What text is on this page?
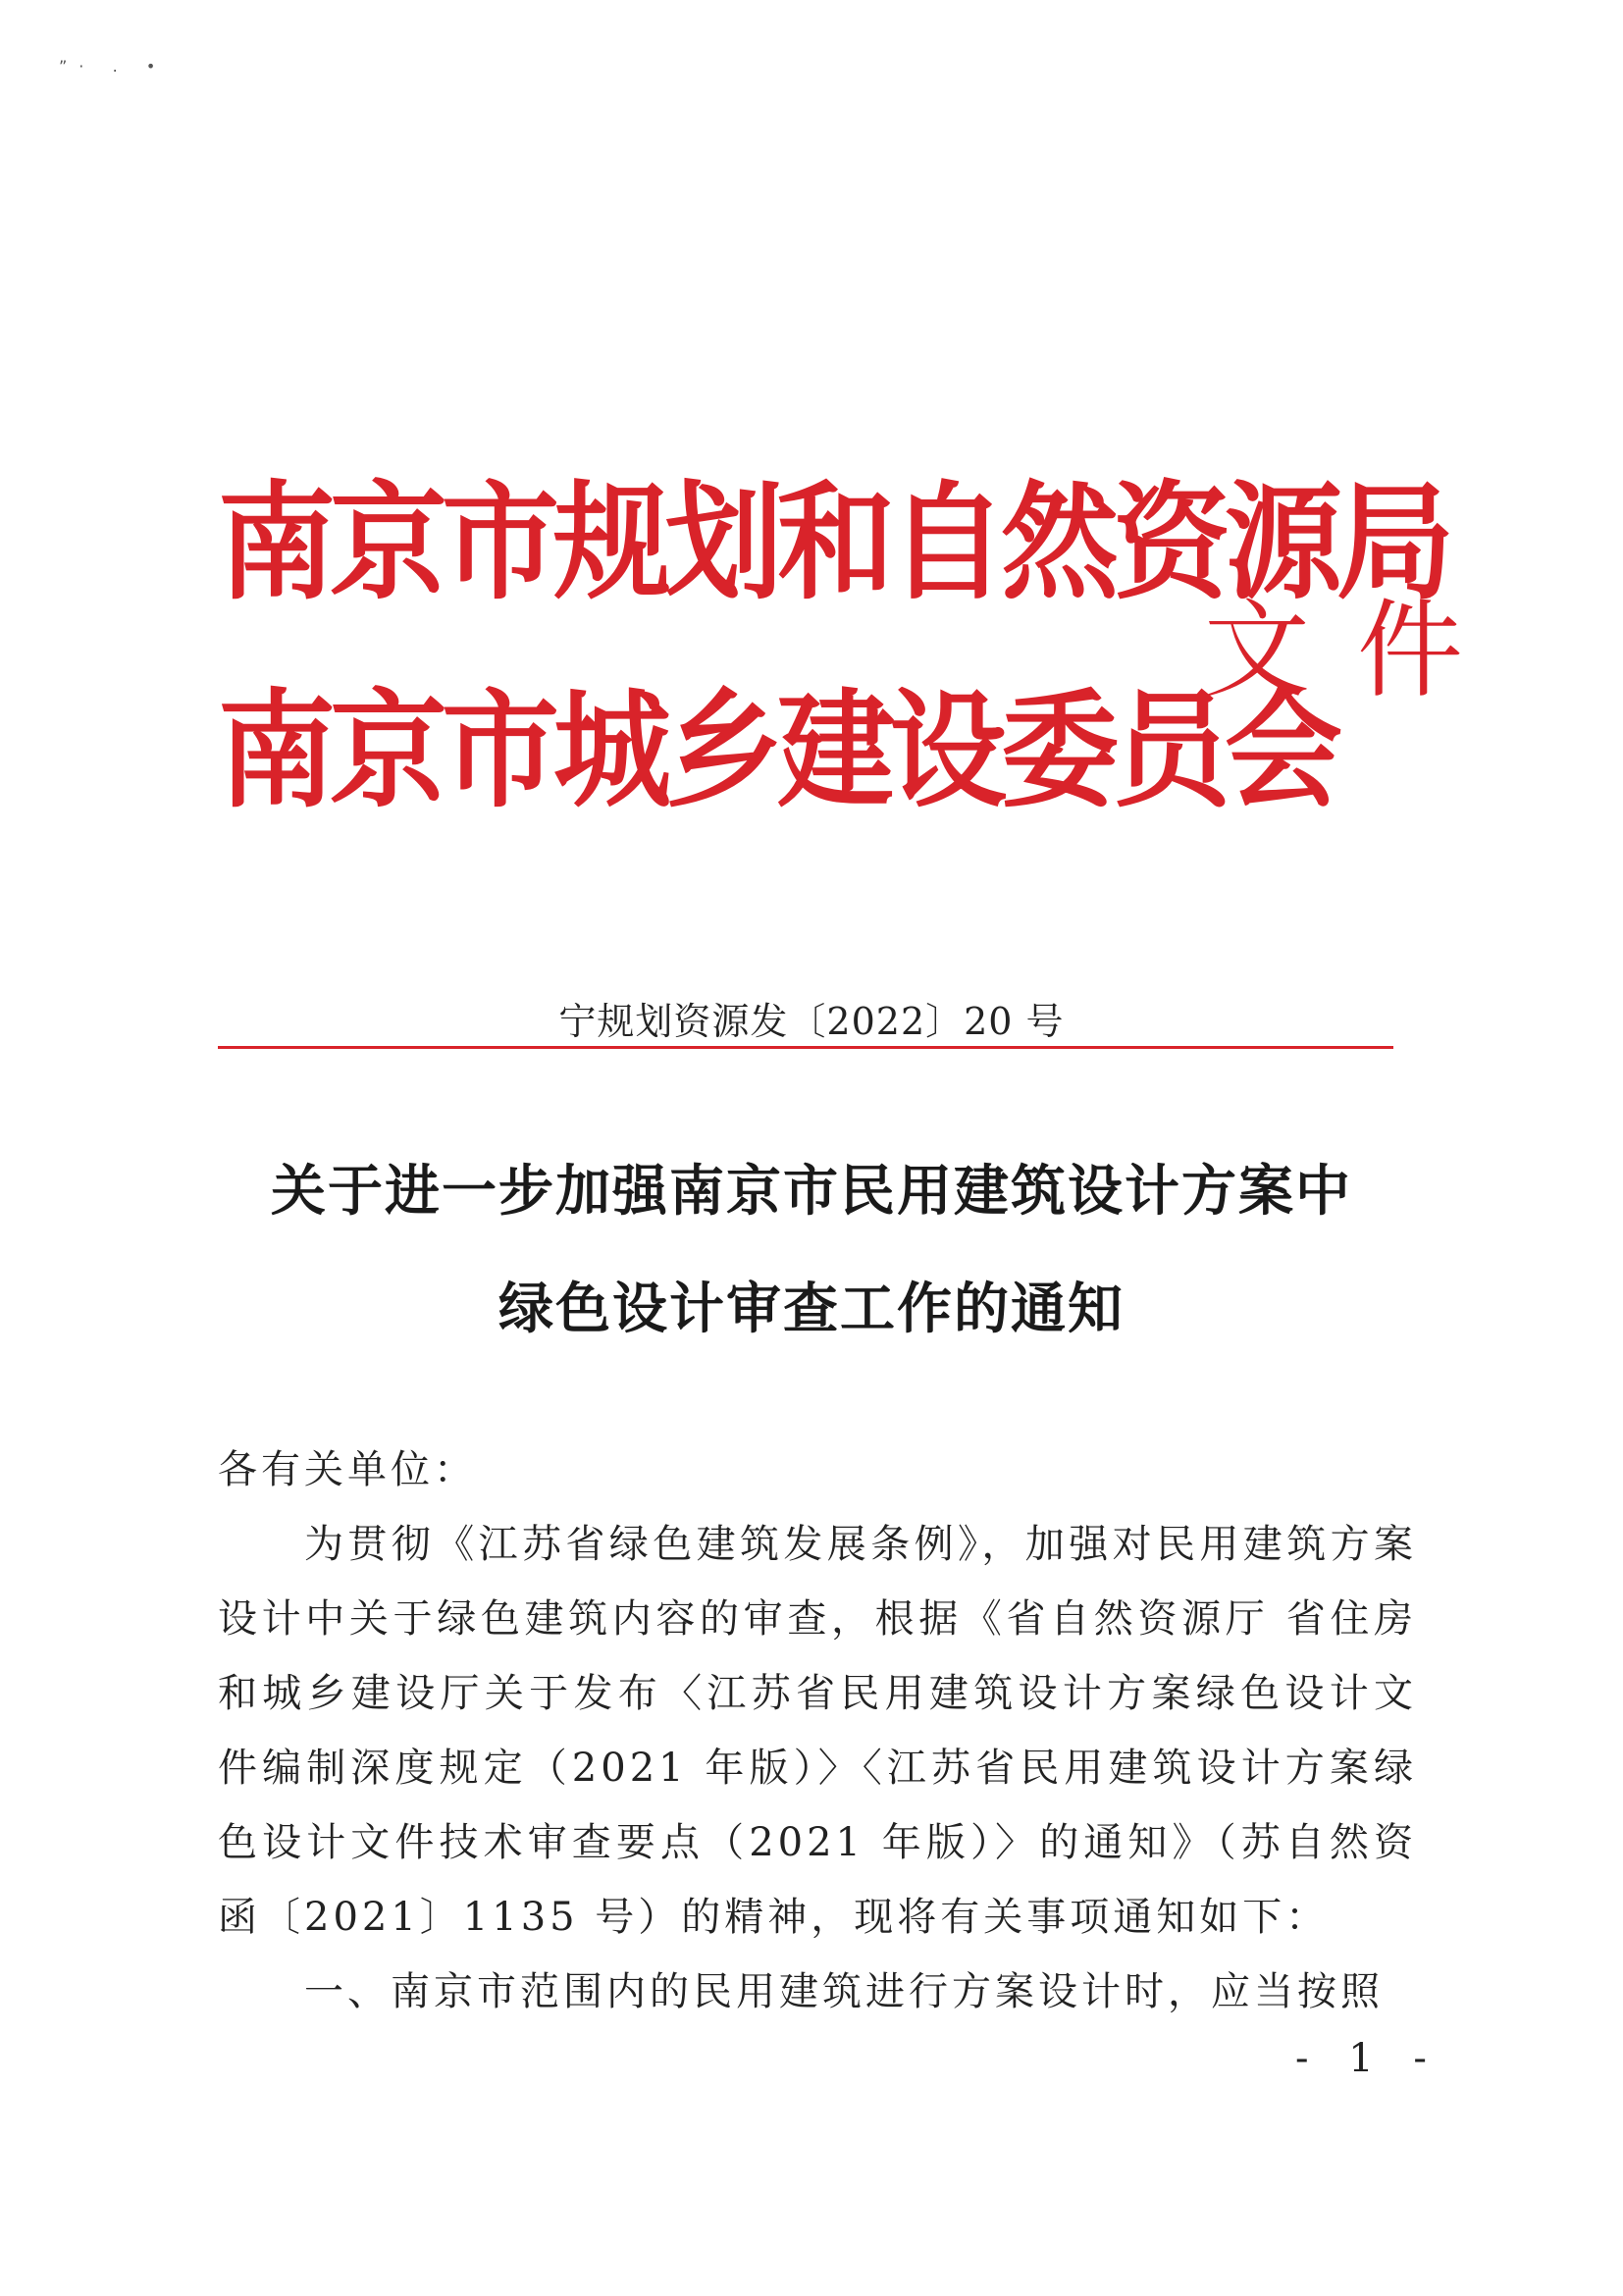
”· ․ •
南京市规划和自然资源局
南京市城乡建设委员会
文件
宁规划资源发〔2022〕20 号
关于进一步加强南京市民用建筑设计方案中
绿色设计审查工作的通知
各有关单位：

为贯彻《江苏省绿色建筑发展条例》，加强对民用建筑方案设计中关于绿色建筑内容的审查，根据《省自然资源厅 省住房和城乡建设厅关于发布〈江苏省民用建筑设计方案绿色设计文件编制深度规定（2021 年版）〉〈江苏省民用建筑设计方案绿色设计文件技术审查要点（2021 年版）〉的通知》（苏自然资函〔2021〕1135 号）的精神，现将有关事项通知如下：

一、南京市范围内的民用建筑进行方案设计时，应当按照

- 1 -
